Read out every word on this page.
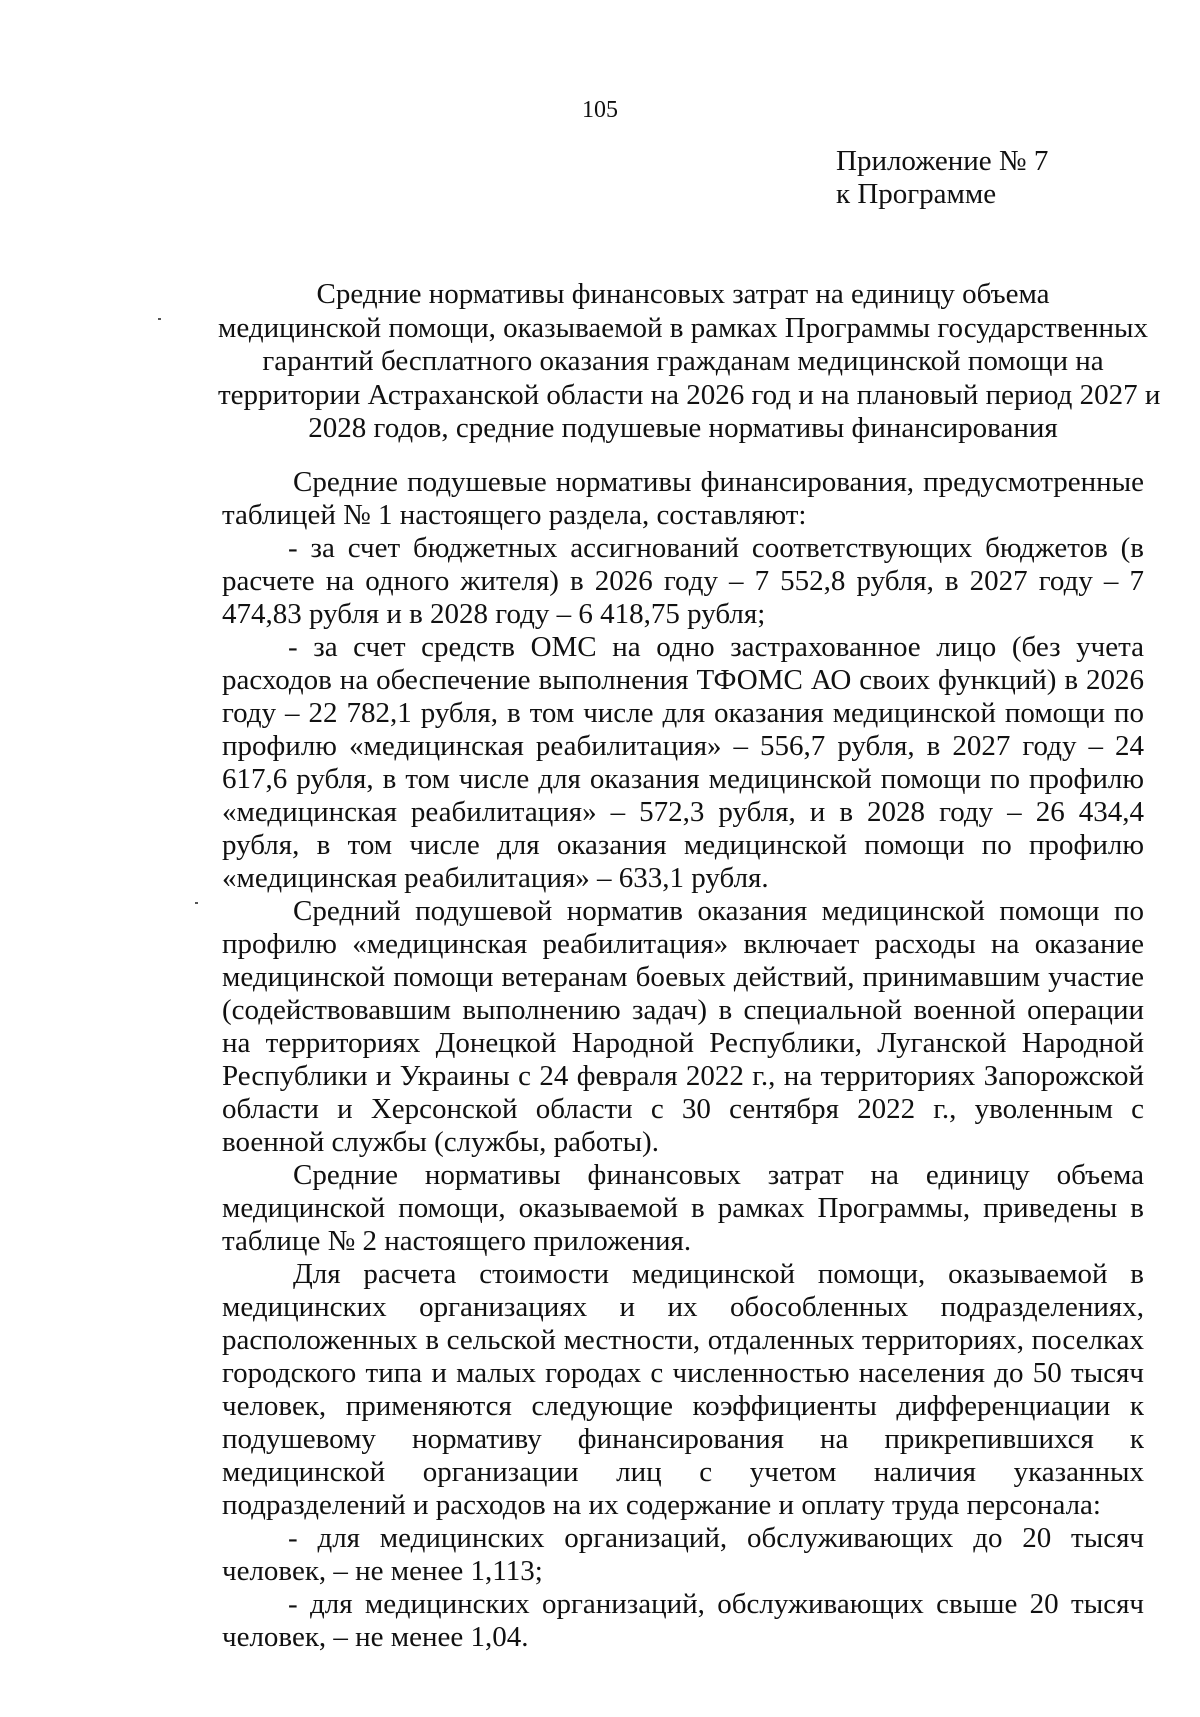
105
Приложение № 7
к Программе
Средние нормативы финансовых затрат на единицу объема
медицинской помощи, оказываемой в рамках Программы государственных
гарантий бесплатного оказания гражданам медицинской помощи на
территории Астраханской области на 2026 год и на плановый период 2027 и
2028 годов, средние подушевые нормативы финансирования

Средние подушевые нормативы финансирования, предусмотренные таблицей № 1 настоящего раздела, составляют:

- за счет бюджетных ассигнований соответствующих бюджетов (в расчете на одного жителя) в 2026 году – 7 552,8 рубля, в 2027 году – 7 474,83 рубля и в 2028 году – 6 418,75 рубля;

- за счет средств ОМС на одно застрахованное лицо (без учета расходов на обеспечение выполнения ТФОМС АО своих функций) в 2026 году – 22 782,1 рубля, в том числе для оказания медицинской помощи по профилю «медицинская реабилитация» – 556,7 рубля, в 2027 году – 24 617,6 рубля, в том числе для оказания медицинской помощи по профилю «медицинская реабилитация» – 572,3 рубля, и в 2028 году – 26 434,4 рубля, в том числе для оказания медицинской помощи по профилю «медицинская реабилитация» – 633,1 рубля.

Средний подушевой норматив оказания медицинской помощи по профилю «медицинская реабилитация» включает расходы на оказание медицинской помощи ветеранам боевых действий, принимавшим участие (содействовавшим выполнению задач) в специальной военной операции на территориях Донецкой Народной Республики, Луганской Народной Республики и Украины с 24 февраля 2022 г., на территориях Запорожской области и Херсонской области с 30 сентября 2022 г., уволенным с военной службы (службы, работы).

Средние нормативы финансовых затрат на единицу объема медицинской помощи, оказываемой в рамках Программы, приведены в таблице № 2 настоящего приложения.

Для расчета стоимости медицинской помощи, оказываемой в медицинских организациях и их обособленных подразделениях, расположенных в сельской местности, отдаленных территориях, поселках городского типа и малых городах с численностью населения до 50 тысяч человек, применяются следующие коэффициенты дифференциации к подушевому нормативу финансирования на прикрепившихся к медицинской организации лиц с учетом наличия указанных подразделений и расходов на их содержание и оплату труда персонала:

- для медицинских организаций, обслуживающих до 20 тысяч человек, – не менее 1,113;

- для медицинских организаций, обслуживающих свыше 20 тысяч человек, – не менее 1,04.
